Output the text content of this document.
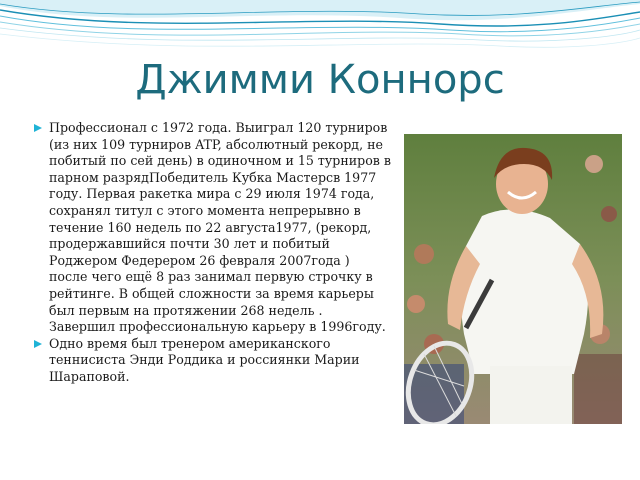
Джимми Коннорс
Профессионал с 1972 года. Выиграл 120 турниров (из них 109 турниров ATP, абсолютный рекорд, не побитый по сей день) в одиночном и 15 турниров в парном разрядПобедитель Кубка Мастерсв 1977 году. Первая ракетка мира с 29 июля 1974 года, сохранял титул с этого момента непрерывно в течение 160 недель по 22 августа1977, (рекорд, продержавшийся почти 30 лет и побитый Роджером Федерером 26 февраля 2007года ) после чего ещё 8 раз занимал первую строчку в рейтинге. В общей сложности за время карьеры был первым на протяжении 268 недель . Завершил профессиональную карьеру в 1996году.
Одно время был тренером американского теннисиста Энди Роддика и россиянки Марии Шараповой.
